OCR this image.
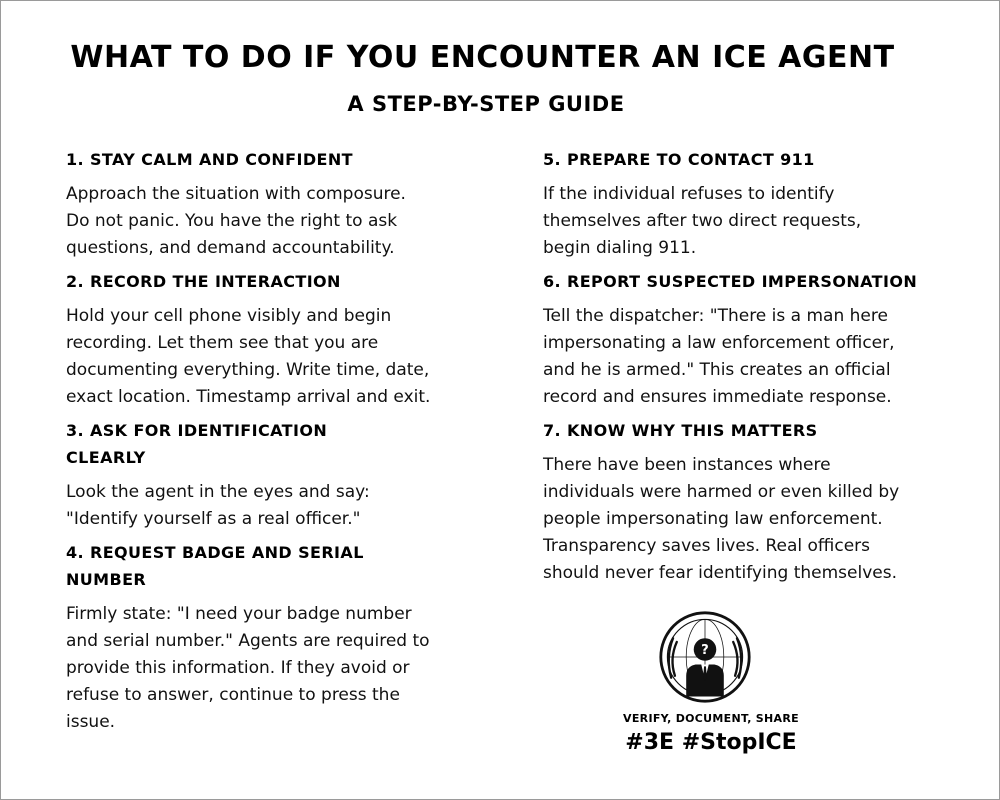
WHAT TO DO IF YOU ENCOUNTER AN ICE AGENT
A STEP-BY-STEP GUIDE
1. STAY CALM AND CONFIDENT
Approach the situation with composure.
Do not panic. You have the right to ask
questions, and demand accountability.
2. RECORD THE INTERACTION
Hold your cell phone visibly and begin
recording. Let them see that you are
documenting everything. Write time, date,
exact location. Timestamp arrival and exit.
3. ASK FOR IDENTIFICATION
CLEARLY
Look the agent in the eyes and say:
"Identify yourself as a real officer."
4. REQUEST BADGE AND SERIAL
NUMBER
Firmly state: "I need your badge number
and serial number." Agents are required to
provide this information. If they avoid or
refuse to answer, continue to press the
issue.
5. PREPARE TO CONTACT 911
If the individual refuses to identify
themselves after two direct requests,
begin dialing 911.
6. REPORT SUSPECTED IMPERSONATION
Tell the dispatcher: "There is a man here
impersonating a law enforcement officer,
and he is armed." This creates an official
record and ensures immediate response.
7. KNOW WHY THIS MATTERS
There have been instances where
individuals were harmed or even killed by
people impersonating law enforcement.
Transparency saves lives. Real officers
should never fear identifying themselves.
?
VERIFY, DOCUMENT, SHARE
#3E #StopICE
